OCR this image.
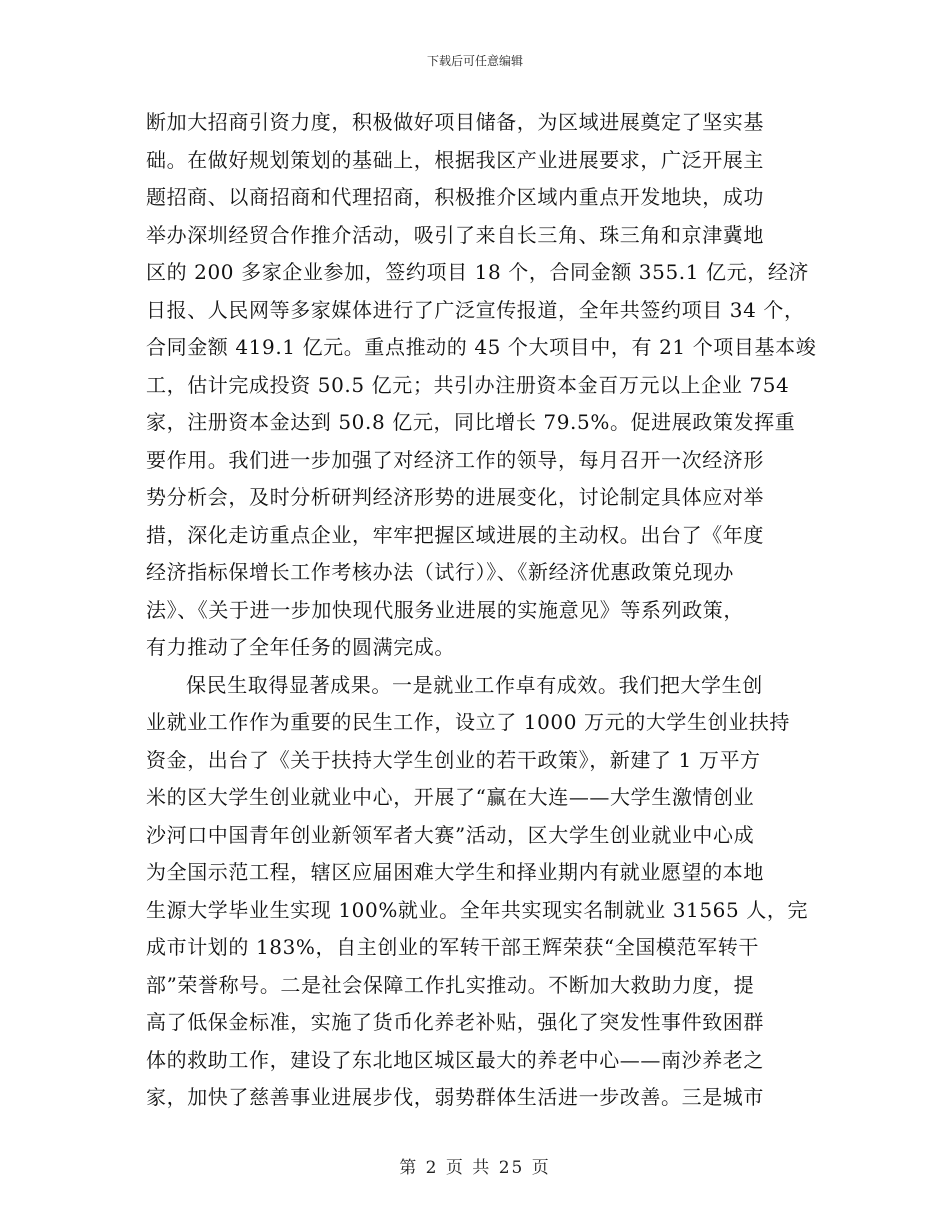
下载后可任意编辑
断加大招商引资力度，积极做好项目储备，为区域进展奠定了坚实基
础。在做好规划策划的基础上，根据我区产业进展要求，广泛开展主
题招商、以商招商和代理招商，积极推介区域内重点开发地块，成功
举办深圳经贸合作推介活动，吸引了来自长三角、珠三角和京津冀地
区的 200 多家企业参加，签约项目 18 个，合同金额 355.1 亿元，经济
日报、人民网等多家媒体进行了广泛宣传报道，全年共签约项目 34 个，
合同金额 419.1 亿元。重点推动的 45 个大项目中，有 21 个项目基本竣
工，估计完成投资 50.5 亿元；共引办注册资本金百万元以上企业 754
家，注册资本金达到 50.8 亿元，同比增长 79.5%。促进展政策发挥重
要作用。我们进一步加强了对经济工作的领导，每月召开一次经济形
势分析会，及时分析研判经济形势的进展变化，讨论制定具体应对举
措，深化走访重点企业，牢牢把握区域进展的主动权。出台了《年度
经济指标保增长工作考核办法（试行）》、《新经济优惠政策兑现办
法》、《关于进一步加快现代服务业进展的实施意见》等系列政策，
有力推动了全年任务的圆满完成。
保民生取得显著成果。一是就业工作卓有成效。我们把大学生创
业就业工作作为重要的民生工作，设立了 1000 万元的大学生创业扶持
资金，出台了《关于扶持大学生创业的若干政策》，新建了 1 万平方
米的区大学生创业就业中心，开展了“赢在大连——大学生激情创业
沙河口中国青年创业新领军者大赛”活动，区大学生创业就业中心成
为全国示范工程，辖区应届困难大学生和择业期内有就业愿望的本地
生源大学毕业生实现 100%就业。全年共实现实名制就业 31565 人，完
成市计划的 183%，自主创业的军转干部王辉荣获“全国模范军转干
部”荣誉称号。二是社会保障工作扎实推动。不断加大救助力度，提
高了低保金标准，实施了货币化养老补贴，强化了突发性事件致困群
体的救助工作，建设了东北地区城区最大的养老中心——南沙养老之
家，加快了慈善事业进展步伐，弱势群体生活进一步改善。三是城市
第 2 页 共 25 页
